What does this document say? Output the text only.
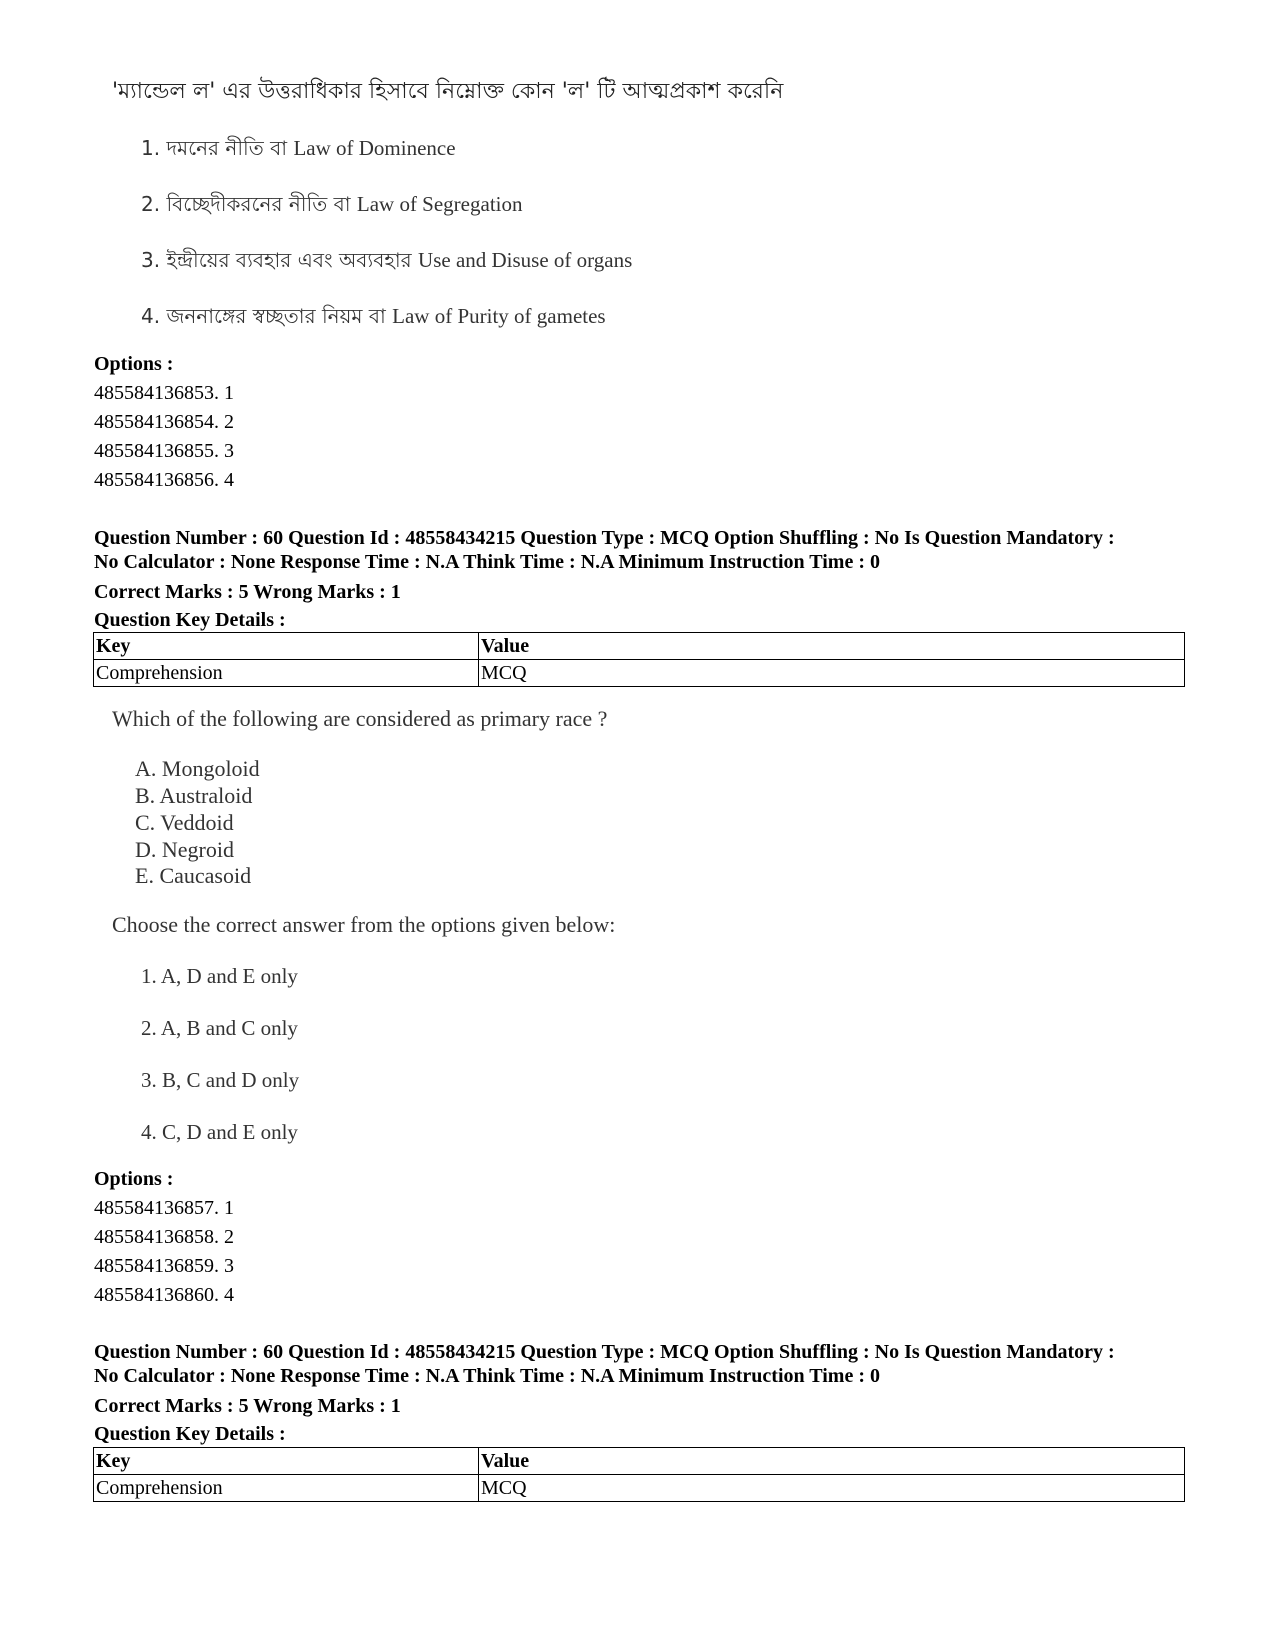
'ম্যান্ডেল ল' এর উত্তরাধিকার হিসাবে নিম্নোক্ত কোন 'ল' টি আত্মপ্রকাশ করেনি
1. দমনের নীতি বা Law of Dominence
2. বিচ্ছেদীকরনের নীতি বা Law of Segregation
3. ইন্দ্রীয়ের ব্যবহার এবং অব্যবহার Use and Disuse of organs
4. জননাঙ্গের স্বচ্ছতার নিয়ম বা Law of Purity of gametes
Options :
485584136853. 1
485584136854. 2
485584136855. 3
485584136856. 4
Question Number : 60 Question Id : 48558434215 Question Type : MCQ Option Shuffling : No Is Question Mandatory :
No Calculator : None Response Time : N.A Think Time : N.A Minimum Instruction Time : 0
Correct Marks : 5 Wrong Marks : 1
Question Key Details :
Key	Value
Comprehension	MCQ
Which of the following are considered as primary race ?
A. Mongoloid
B. Australoid
C. Veddoid
D. Negroid
E. Caucasoid
Choose the correct answer from the options given below:
1. A, D and E only
2. A, B and C only
3. B, C and D only
4. C, D and E only
Options :
485584136857. 1
485584136858. 2
485584136859. 3
485584136860. 4
Question Number : 60 Question Id : 48558434215 Question Type : MCQ Option Shuffling : No Is Question Mandatory :
No Calculator : None Response Time : N.A Think Time : N.A Minimum Instruction Time : 0
Correct Marks : 5 Wrong Marks : 1
Question Key Details :
Key	Value
Comprehension	MCQ
